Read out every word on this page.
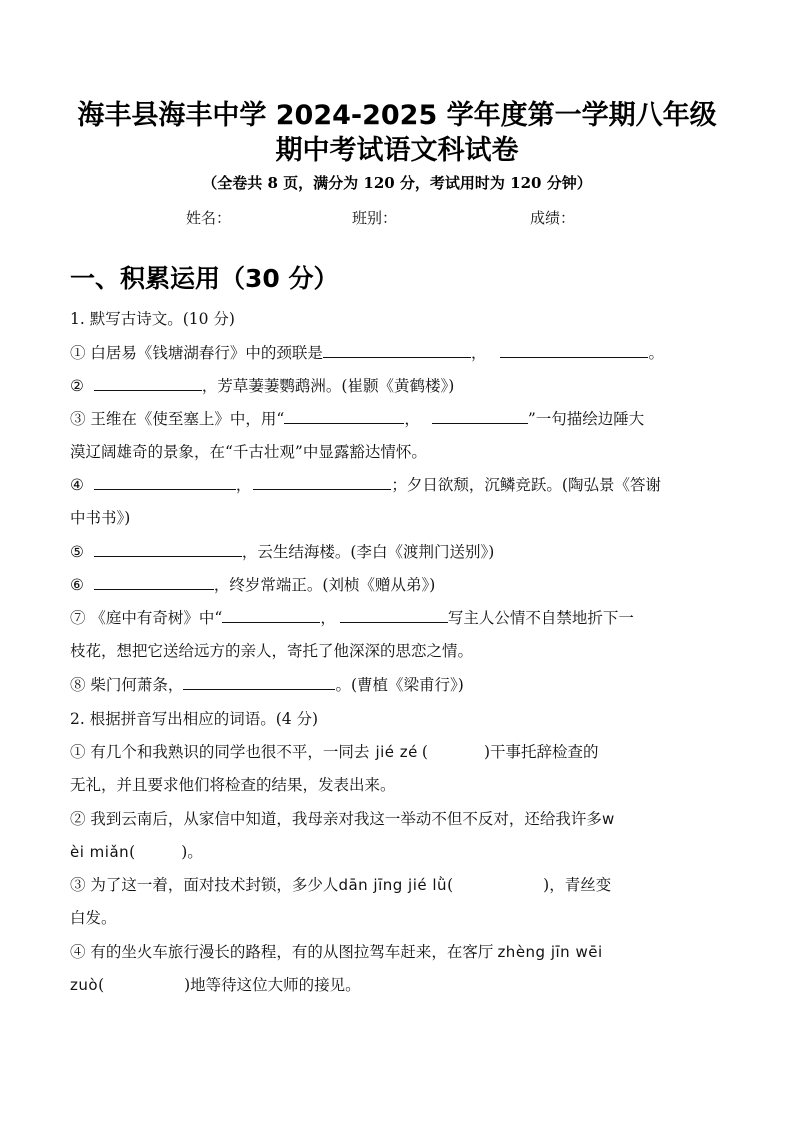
海丰县海丰中学 2024-2025 学年度第一学期八年级
期中考试语文科试卷
（全卷共 8 页，满分为 120 分，考试用时为 120 分钟）
姓名：	班别：	成绩：
一、积累运用（30 分）
1. 默写古诗文。(10 分)
① 白居易《钱塘湖春行》中的颈联是	，	。
②	，芳草萋萋鹦鹉洲。(崔颢《黄鹤楼》)
③ 王维在《使至塞上》中，用“	，	”一句描绘边陲大
漠辽阔雄奇的景象，在“千古壮观”中显露豁达情怀。
④	，	；夕日欲颓，沉鳞竞跃。(陶弘景《答谢
中书书》)
⑤	，云生结海楼。(李白《渡荆门送别》)
⑥	，终岁常端正。(刘桢《赠从弟》)
⑦ 《庭中有奇树》中“	，	写主人公情不自禁地折下一
枝花，想把它送给远方的亲人，寄托了他深深的思恋之情。
⑧ 柴门何萧条，	。(曹植《梁甫行》)
2. 根据拼音写出相应的词语。(4 分)
① 有几个和我熟识的同学也很不平，一同去 jié zé (	)干事托辞检查的
无礼，并且要求他们将检查的结果，发表出来。
② 我到云南后，从家信中知道，我母亲对我这一举动不但不反对，还给我许多w
èi miǎn(	)。
③ 为了这一着，面对技术封锁，多少人dān jīng jié lǜ(	)，青丝变
白发。
④ 有的坐火车旅行漫长的路程，有的从图拉驾车赶来，在客厅 zhèng jīn wēi
zuò(	)地等待这位大师的接见。
